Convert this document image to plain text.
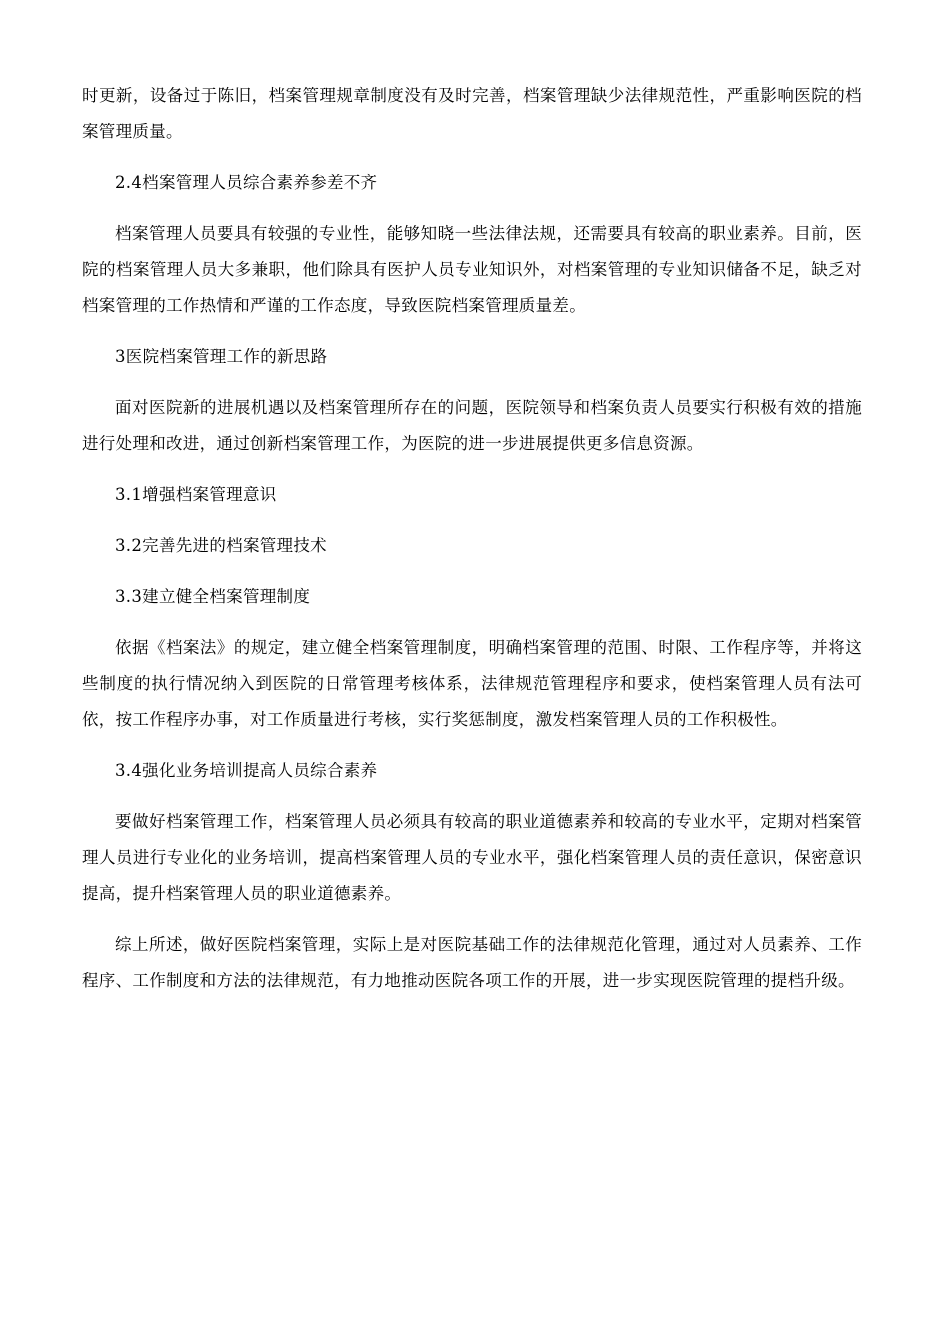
时更新，设备过于陈旧，档案管理规章制度没有及时完善，档案管理缺少法律规范性，严重影响医院的档案管理质量。

2.4档案管理人员综合素养参差不齐

档案管理人员要具有较强的专业性，能够知晓一些法律法规，还需要具有较高的职业素养。目前，医院的档案管理人员大多兼职，他们除具有医护人员专业知识外，对档案管理的专业知识储备不足，缺乏对档案管理的工作热情和严谨的工作态度，导致医院档案管理质量差。

3医院档案管理工作的新思路

面对医院新的进展机遇以及档案管理所存在的问题，医院领导和档案负责人员要实行积极有效的措施进行处理和改进，通过创新档案管理工作，为医院的进一步进展提供更多信息资源。

3.1增强档案管理意识

3.2完善先进的档案管理技术

3.3建立健全档案管理制度

依据《档案法》的规定，建立健全档案管理制度，明确档案管理的范围、时限、工作程序等，并将这些制度的执行情况纳入到医院的日常管理考核体系，法律规范管理程序和要求，使档案管理人员有法可依，按工作程序办事，对工作质量进行考核，实行奖惩制度，激发档案管理人员的工作积极性。

3.4强化业务培训提高人员综合素养

要做好档案管理工作，档案管理人员必须具有较高的职业道德素养和较高的专业水平，定期对档案管理人员进行专业化的业务培训，提高档案管理人员的专业水平，强化档案管理人员的责任意识，保密意识提高，提升档案管理人员的职业道德素养。

综上所述，做好医院档案管理，实际上是对医院基础工作的法律规范化管理，通过对人员素养、工作程序、工作制度和方法的法律规范，有力地推动医院各项工作的开展，进一步实现医院管理的提档升级。
